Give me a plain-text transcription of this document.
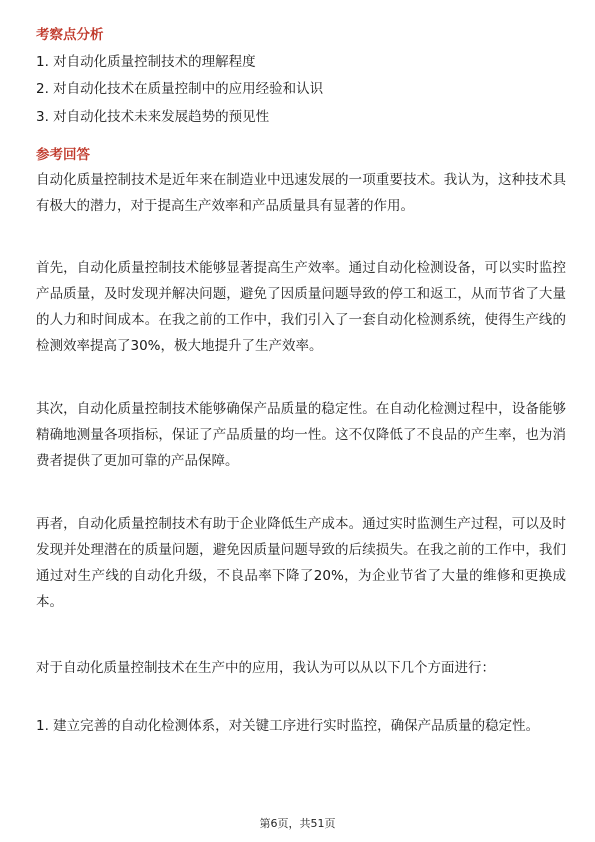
考察点分析

1. 对自动化质量控制技术的理解程度

2. 对自动化技术在质量控制中的应用经验和认识

3. 对自动化技术未来发展趋势的预见性

参考回答

自动化质量控制技术是近年来在制造业中迅速发展的一项重要技术。我认为，这种技术具有极大的潜力，对于提高生产效率和产品质量具有显著的作用。

首先，自动化质量控制技术能够显著提高生产效率。通过自动化检测设备，可以实时监控产品质量，及时发现并解决问题，避免了因质量问题导致的停工和返工，从而节省了大量的人力和时间成本。在我之前的工作中，我们引入了一套自动化检测系统，使得生产线的检测效率提高了30%，极大地提升了生产效率。

其次，自动化质量控制技术能够确保产品质量的稳定性。在自动化检测过程中，设备能够精确地测量各项指标，保证了产品质量的均一性。这不仅降低了不良品的产生率，也为消费者提供了更加可靠的产品保障。

再者，自动化质量控制技术有助于企业降低生产成本。通过实时监测生产过程，可以及时发现并处理潜在的质量问题，避免因质量问题导致的后续损失。在我之前的工作中，我们通过对生产线的自动化升级，不良品率下降了20%，为企业节省了大量的维修和更换成本。

对于自动化质量控制技术在生产中的应用，我认为可以从以下几个方面进行：

1. 建立完善的自动化检测体系，对关键工序进行实时监控，确保产品质量的稳定性。

第6页，共51页
